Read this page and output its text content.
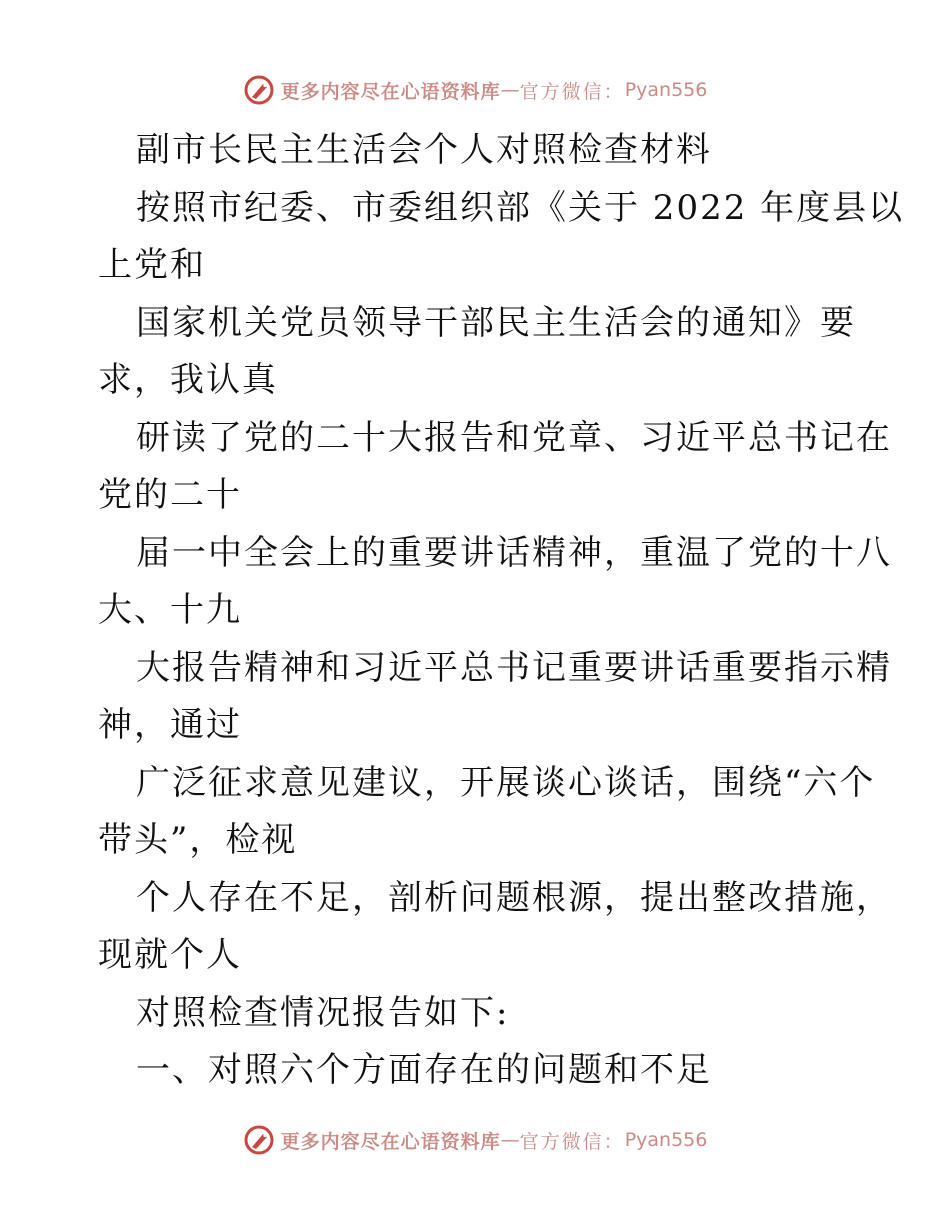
更多内容尽在心语资料库 — 官方微信： Pyan556
副市长民主生活会个人对照检查材料
按照市纪委、市委组织部《关于 2022 年度县以
上党和
国家机关党员领导干部民主生活会的通知》要
求，我认真
研读了党的二十大报告和党章、习近平总书记在
党的二十
届一中全会上的重要讲话精神，重温了党的十八
大、十九
大报告精神和习近平总书记重要讲话重要指示精
神，通过
广泛征求意见建议，开展谈心谈话，围绕“六个
带头”，检视
个人存在不足，剖析问题根源，提出整改措施，
现就个人
对照检查情况报告如下:
一、对照六个方面存在的问题和不足
更多内容尽在心语资料库 — 官方微信： Pyan556
